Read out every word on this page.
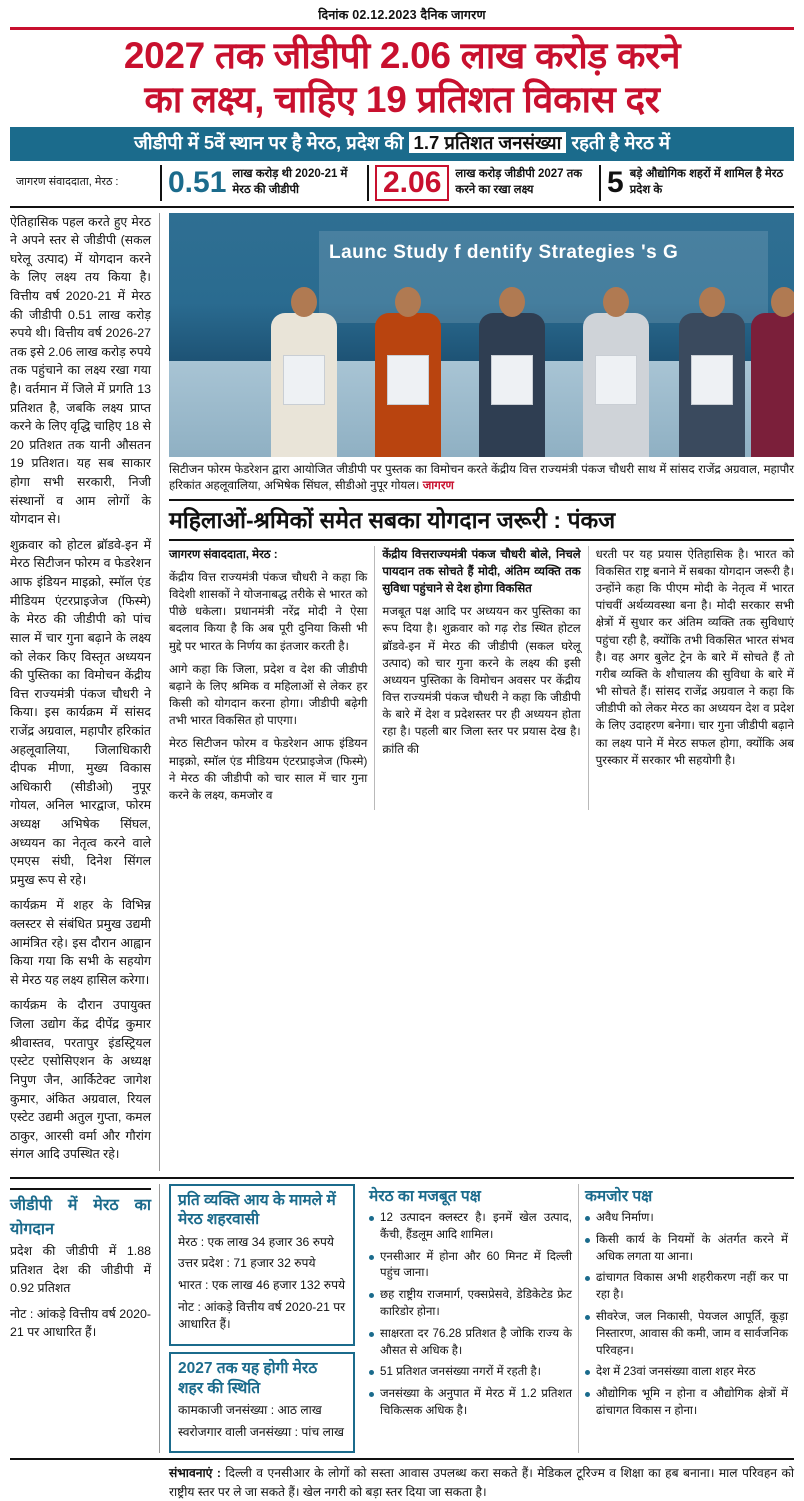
दिनांक 02.12.2023 दैनिक जागरण
2027 तक जीडीपी 2.06 लाख करोड़ करने
का लक्ष्य, चाहिए 19 प्रतिशत विकास दर
जीडीपी में 5वें स्थान पर है मेरठ, प्रदेश की 1.7 प्रतिशत जनसंख्या रहती है मेरठ में
जागरण संवाददाता, मेरठ : 0.51 लाख करोड़ थी 2020-21 में मेरठ की जीडीपी	2.06	लाख करोड़ जीडीपी 2027 तक करने का रखा लक्ष्य	5 बड़े औद्योगिक शहरों में शामिल है मेरठ प्रदेश के

ऐतिहासिक पहल करते हुए मेरठ ने अपने स्तर से जीडीपी (सकल घरेलू उत्पाद) में योगदान करने के लिए लक्ष्य तय किया है। वित्तीय वर्ष 2020-21 में मेरठ की जीडीपी 0.51 लाख करोड़ रुपये थी। वित्तीय वर्ष 2026-27 तक इसे 2.06 लाख करोड़ रुपये तक पहुंचाने का लक्ष्य रखा गया है। वर्तमान में जिले में प्रगति 13 प्रतिशत है, जबकि लक्ष्य प्राप्त करने के लिए वृद्धि चाहिए 18 से 20 प्रतिशत तक यानी औसतन 19 प्रतिशत। यह सब साकार होगा सभी सरकारी, निजी संस्थानों व आम लोगों के योगदान से।

शुक्रवार को होटल ब्रॉडवे-इन में मेरठ सिटीजन फोरम व फेडरेशन आफ इंडियन माइक्रो, स्मॉल एंड मीडियम एंटरप्राइजेज (फिस्मे) के मेरठ की जीडीपी को पांच साल में चार गुना बढ़ाने के लक्ष्य को लेकर किए विस्तृत अध्ययन की पुस्तिका का विमोचन केंद्रीय वित्त राज्यमंत्री पंकज चौधरी ने किया। इस कार्यक्रम में सांसद राजेंद्र अग्रवाल, महापौर हरिकांत अहलूवालिया, जिलाधिकारी दीपक मीणा, मुख्य विकास अधिकारी (सीडीओ) नुपूर गोयल, अनिल भारद्वाज, फोरम अध्यक्ष अभिषेक सिंघल, अध्ययन का नेतृत्व करने वाले एमएस संघी, दिनेश सिंगल प्रमुख रूप से रहे।

कार्यक्रम में शहर के विभिन्न क्लस्टर से संबंधित प्रमुख उद्यमी आमंत्रित रहे। इस दौरान आह्वान किया गया कि सभी के सहयोग से मेरठ यह लक्ष्य हासिल करेगा।

कार्यक्रम के दौरान उपायुक्त जिला उद्योग केंद्र दीपेंद्र कुमार श्रीवास्तव, परतापुर इंडस्ट्रियल एस्टेट एसोसिएशन के अध्यक्ष निपुण जैन, आर्किटेक्ट जागेश कुमार, अंकित अग्रवाल, रियल एस्टेट उद्यमी अतुल गुप्ता, कमल ठाकुर, आरसी वर्मा और गौरांग संगल आदि उपस्थित रहे।

Launc Study f dentify Strategies 's G
सिटीजन फोरम फेडरेशन द्वारा आयोजित जीडीपी पर पुस्तक का विमोचन करते केंद्रीय वित्त राज्यमंत्री पंकज चौधरी साथ में सांसद राजेंद्र अग्रवाल, महापौर हरिकांत अहलूवालिया, अभिषेक सिंघल, सीडीओ नुपूर गोयल। जागरण
महिलाओं-श्रमिकों समेत सबका योगदान जरूरी : पंकज

जागरण संवाददाता, मेरठ :

केंद्रीय वित्त राज्यमंत्री पंकज चौधरी ने कहा कि विदेशी शासकों ने योजनाबद्ध तरीके से भारत को पीछे धकेला। प्रधानमंत्री नरेंद्र मोदी ने ऐसा बदलाव किया है कि अब पूरी दुनिया किसी भी मुद्दे पर भारत के निर्णय का इंतजार करती है।

आगे कहा कि जिला, प्रदेश व देश की जीडीपी बढ़ाने के लिए श्रमिक व महिलाओं से लेकर हर किसी को योगदान करना होगा। जीडीपी बढ़ेगी तभी भारत विकसित हो पाएगा।

मेरठ सिटीजन फोरम व फेडरेशन आफ इंडियन माइक्रो, स्मॉल एंड मीडियम एंटरप्राइजेज (फिस्मे) ने मेरठ की जीडीपी को चार साल में चार गुना करने के लक्ष्य, कमजोर व

केंद्रीय वित्तराज्यमंत्री पंकज चौधरी बोले, निचले पायदान तक सोचते हैं मोदी, अंतिम व्यक्ति तक सुविधा पहुंचाने से देश होगा विकसित

मजबूत पक्ष आदि पर अध्ययन कर पुस्तिका का रूप दिया है। शुक्रवार को गढ़ रोड स्थित होटल ब्रॉडवे-इन में मेरठ की जीडीपी (सकल घरेलू उत्पाद) को चार गुना करने के लक्ष्य की इसी अध्ययन पुस्तिका के विमोचन अवसर पर केंद्रीय वित्त राज्यमंत्री पंकज चौधरी ने कहा कि जीडीपी के बारे में देश व प्रदेशस्तर पर ही अध्ययन होता रहा है। पहली बार जिला स्तर पर प्रयास देख है। क्रांति की

धरती पर यह प्रयास ऐतिहासिक है। भारत को विकसित राष्ट्र बनाने में सबका योगदान जरूरी है। उन्होंने कहा कि पीएम मोदी के नेतृत्व में भारत पांचवीं अर्थव्यवस्था बना है। मोदी सरकार सभी क्षेत्रों में सुधार कर अंतिम व्यक्ति तक सुविधाएं पहुंचा रही है, क्योंकि तभी विकसित भारत संभव है। वह अगर बुलेट ट्रेन के बारे में सोचते हैं तो गरीब व्यक्ति के शौचालय की सुविधा के बारे में भी सोचते हैं। सांसद राजेंद्र अग्रवाल ने कहा कि जीडीपी को लेकर मेरठ का अध्ययन देश व प्रदेश के लिए उदाहरण बनेगा। चार गुना जीडीपी बढ़ाने का लक्ष्य पाने में मेरठ सफल होगा, क्योंकि अब पुरस्कार में सरकार भी सहयोगी है।

जीडीपी में मेरठ का योगदान

प्रदेश की जीडीपी में 1.88 प्रतिशत देश की जीडीपी में 0.92 प्रतिशत

नोट : आंकड़े वित्तीय वर्ष 2020-21 पर आधारित हैं।

प्रति व्यक्ति आय के मामले में मेरठ शहरवासी

मेरठ : एक लाख 34 हजार 36 रुपये

उत्तर प्रदेश : 71 हजार 32 रुपये

भारत : एक लाख 46 हजार 132 रुपये

नोट : आंकड़े वित्तीय वर्ष 2020-21 पर आधारित हैं।

2027 तक यह होगी मेरठ शहर की स्थिति

कामकाजी जनसंख्या : आठ लाख

स्वरोजगार वाली जनसंख्या : पांच लाख

मेरठ का मजबूत पक्ष
12 उत्पादन क्लस्टर है। इनमें खेल उत्पाद, कैंची, हैंडलूम आदि शामिल।
एनसीआर में होना और 60 मिनट में दिल्ली पहुंच जाना।
छह राष्ट्रीय राजमार्ग, एक्सप्रेसवे, डेडिकेटेड फ्रेट कारिडोर होना।
साक्षरता दर 76.28 प्रतिशत है जोकि राज्य के औसत से अधिक है।
51 प्रतिशत जनसंख्या नगरों में रहती है।
जनसंख्या के अनुपात में मेरठ में 1.2 प्रतिशत चिकित्सक अधिक है।
कमजोर पक्ष
अवैध निर्माण।
किसी कार्य के नियमों के अंतर्गत करने में अधिक लगता या आना।
ढांचागत विकास अभी शहरीकरण नहीं कर पा रहा है।
सीवरेज, जल निकासी, पेयजल आपूर्ति, कूड़ा निस्तारण, आवास की कमी, जाम व सार्वजनिक परिवहन।
देश में 23वां जनसंख्या वाला शहर मेरठ
औद्योगिक भूमि न होना व औद्योगिक क्षेत्रों में ढांचागत विकास न होना।
संभावनाएं : दिल्ली व एनसीआर के लोगों को सस्ता आवास उपलब्ध करा सकते हैं। मेडिकल टूरिज्म व शिक्षा का हब बनाना। माल परिवहन को राष्ट्रीय स्तर पर ले जा सकते हैं। खेल नगरी को बड़ा स्तर दिया जा सकता है।
